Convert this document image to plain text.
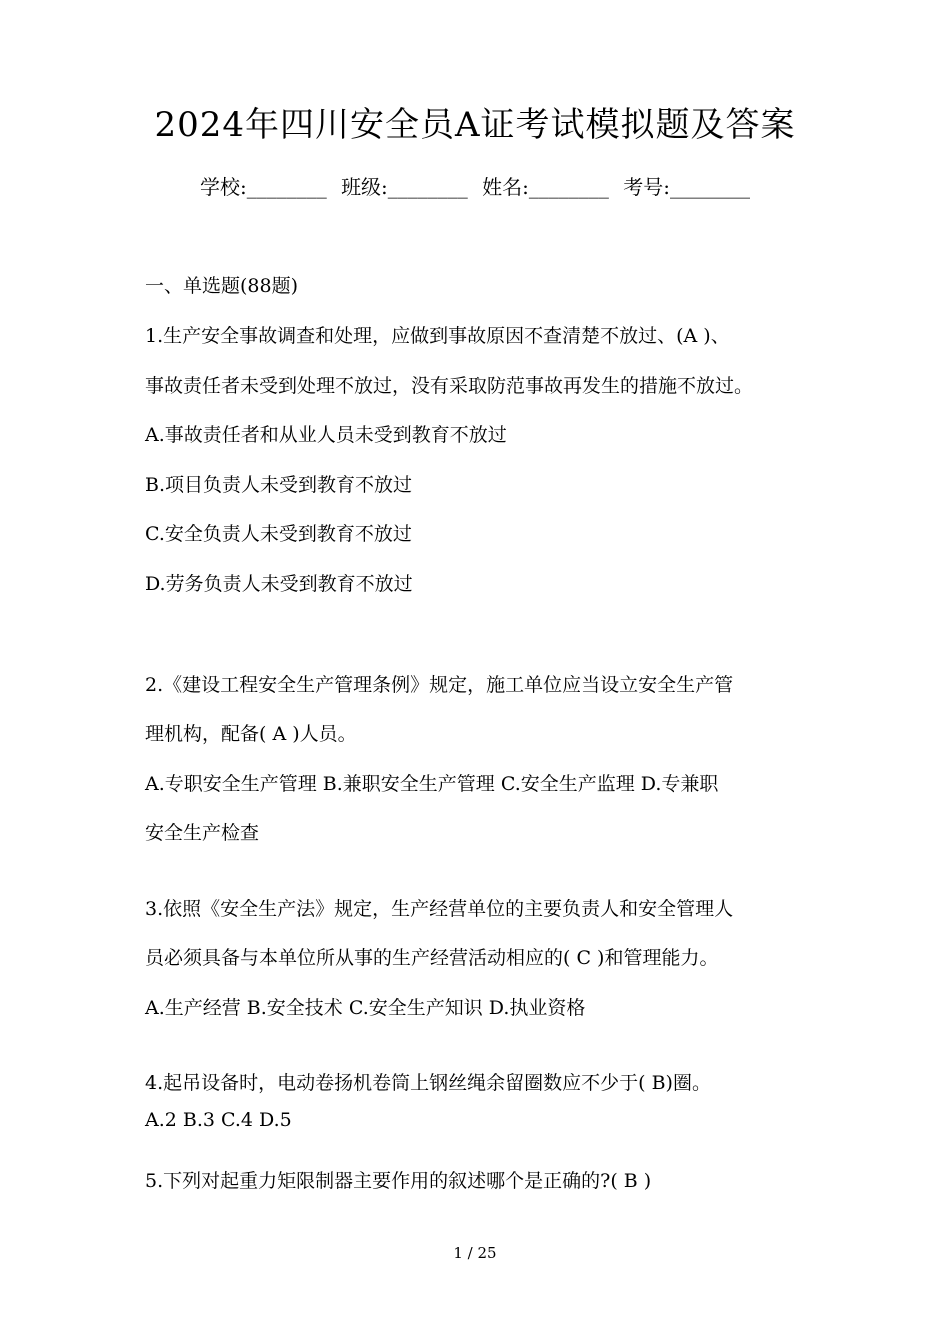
2024年四川安全员A证考试模拟题及答案
学校:________ 班级:________ 姓名:________ 考号:________
一、单选题(88题)
1.生产安全事故调查和处理，应做到事故原因不查清楚不放过、(A )、
事故责任者未受到处理不放过，没有采取防范事故再发生的措施不放过。
A.事故责任者和从业人员未受到教育不放过
B.项目负责人未受到教育不放过
C.安全负责人未受到教育不放过
D.劳务负责人未受到教育不放过
2.《建设工程安全生产管理条例》规定，施工单位应当设立安全生产管
理机构，配备( A )人员。
A.专职安全生产管理 B.兼职安全生产管理 C.安全生产监理 D.专兼职
安全生产检查
3.依照《安全生产法》规定，生产经营单位的主要负责人和安全管理人
员必须具备与本单位所从事的生产经营活动相应的( C )和管理能力。
A.生产经营 B.安全技术 C.安全生产知识 D.执业资格
4.起吊设备时，电动卷扬机卷筒上钢丝绳余留圈数应不少于( B)圈。
A.2 B.3 C.4 D.5
5.下列对起重力矩限制器主要作用的叙述哪个是正确的?( B )
1 / 25
